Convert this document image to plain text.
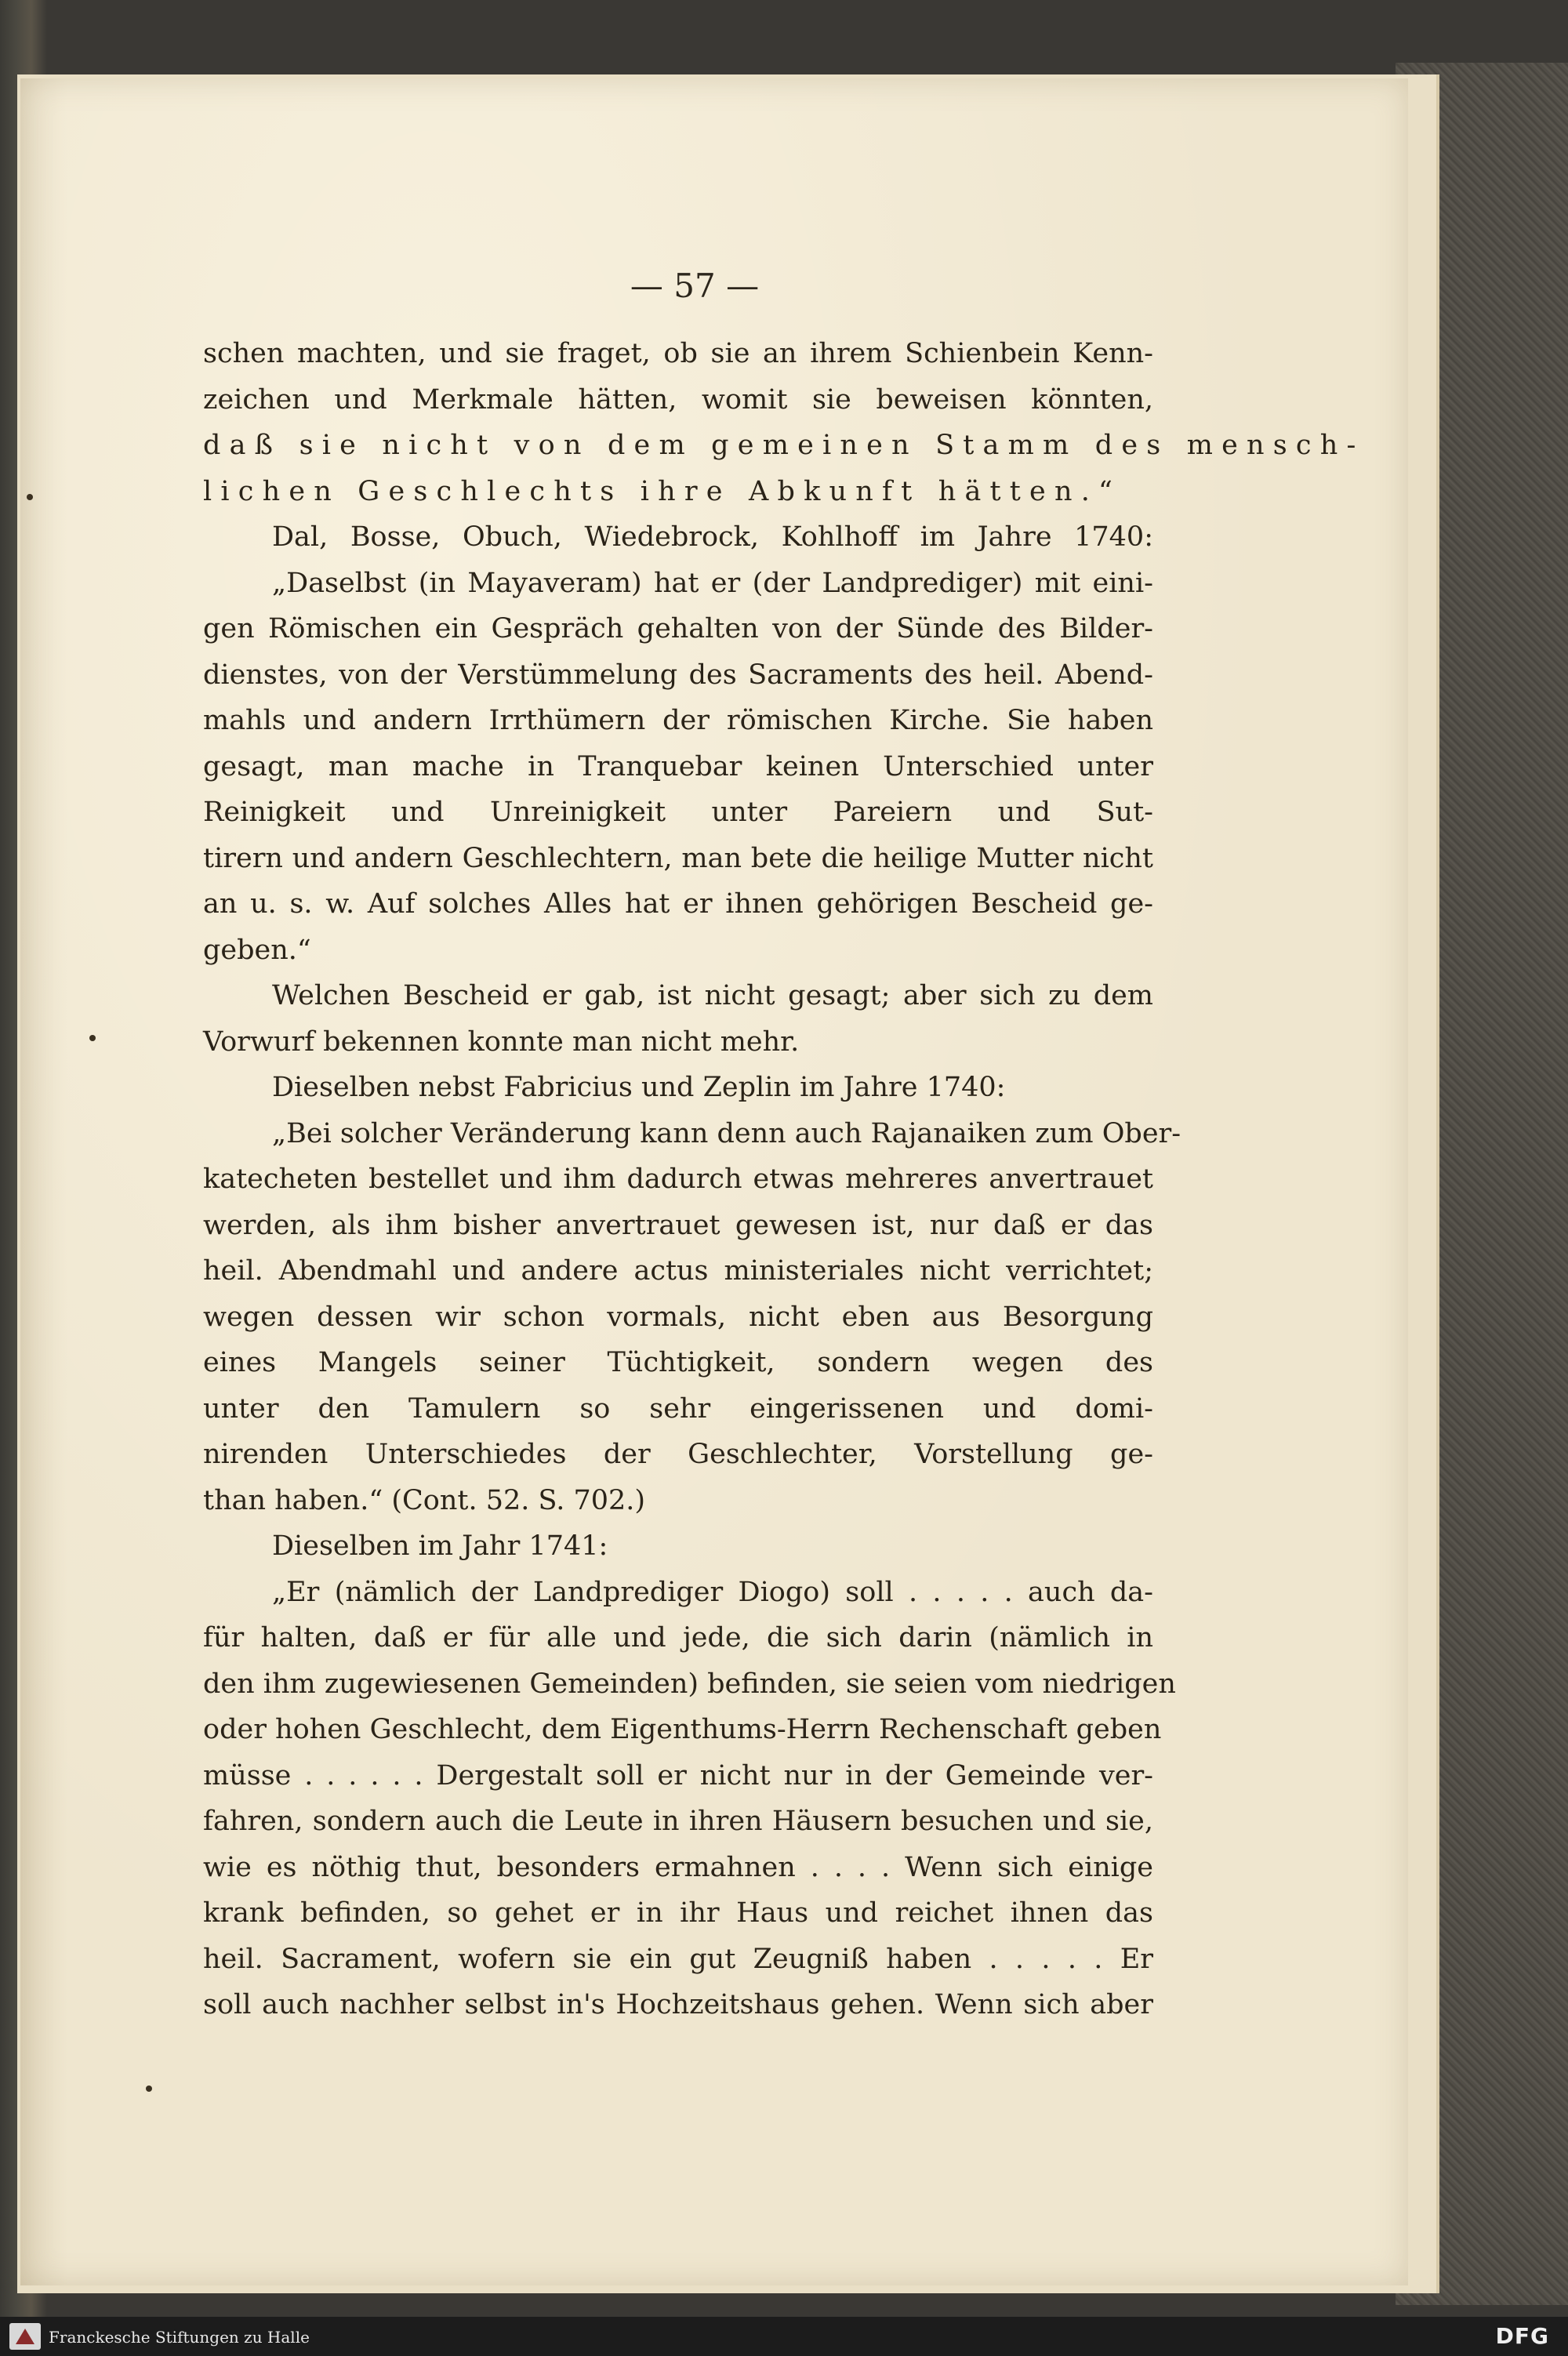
— 57 —
schen machten, und sie fraget, ob sie an ihrem Schienbein Kenn-
zeichen und Merkmale hätten, womit sie beweisen könnten,
daß sie nicht von dem gemeinen Stamm des mensch-
lichen Geschlechts ihre Abkunft hätten.“
Dal, Bosse, Obuch, Wiedebrock, Kohlhoff im Jahre 1740:
„Daselbst (in Mayaveram) hat er (der Landprediger) mit eini-
gen Römischen ein Gespräch gehalten von der Sünde des Bilder-
dienstes, von der Verstümmelung des Sacraments des heil. Abend-
mahls und andern Irrthümern der römischen Kirche. Sie haben
gesagt, man mache in Tranquebar keinen Unterschied unter
Reinigkeit und Unreinigkeit unter Pareiern und Sut-
tirern und andern Geschlechtern, man bete die heilige Mutter nicht
an u. s. w. Auf solches Alles hat er ihnen gehörigen Bescheid ge-
geben.“
Welchen Bescheid er gab, ist nicht gesagt; aber sich zu dem
Vorwurf bekennen konnte man nicht mehr.
Dieselben nebst Fabricius und Zeplin im Jahre 1740:
„Bei solcher Veränderung kann denn auch Rajanaiken zum Ober-
katecheten bestellet und ihm dadurch etwas mehreres anvertrauet
werden, als ihm bisher anvertrauet gewesen ist, nur daß er das
heil. Abendmahl und andere actus ministeriales nicht verrichtet;
wegen dessen wir schon vormals, nicht eben aus Besorgung
eines Mangels seiner Tüchtigkeit, sondern wegen des
unter den Tamulern so sehr eingerissenen und domi-
nirenden Unterschiedes der Geschlechter, Vorstellung ge-
than haben.“ (Cont. 52. S. 702.)
Dieselben im Jahr 1741:
„Er (nämlich der Landprediger Diogo) soll . . . . . auch da-
für halten, daß er für alle und jede, die sich darin (nämlich in
den ihm zugewiesenen Gemeinden) befinden, sie seien vom niedrigen
oder hohen Geschlecht, dem Eigenthums-Herrn Rechenschaft geben
müsse . . . . . . Dergestalt soll er nicht nur in der Gemeinde ver-
fahren, sondern auch die Leute in ihren Häusern besuchen und sie,
wie es nöthig thut, besonders ermahnen . . . . Wenn sich einige
krank befinden, so gehet er in ihr Haus und reichet ihnen das
heil. Sacrament, wofern sie ein gut Zeugniß haben . . . . . Er
soll auch nachher selbst in's Hochzeitshaus gehen. Wenn sich aber
Franckesche Stiftungen zu Halle	DFG
